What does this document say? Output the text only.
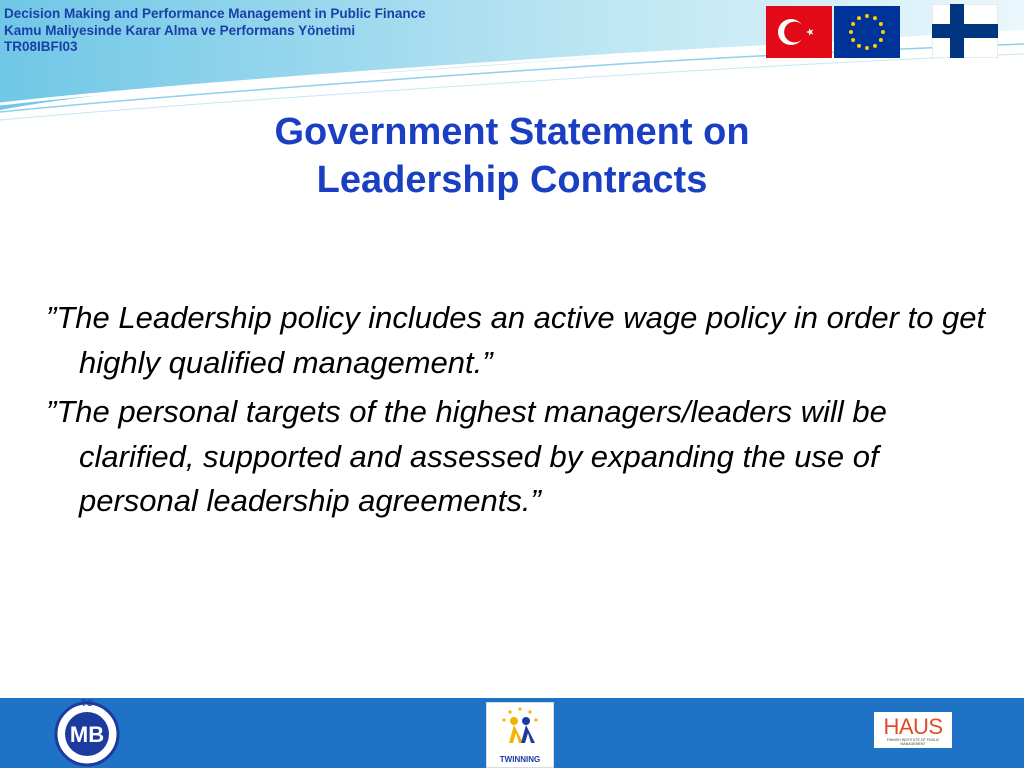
Decision Making and Performance Management in Public Finance
Kamu Maliyesinde Karar Alma ve Performans Yönetimi
TR08IBFI03
Government Statement on
Leadership Contracts

”The Leadership policy includes an active wage policy in order to get highly qualified management.”

”The personal targets of the highest managers/leaders will be clarified, supported and assessed by expanding the use of personal leadership agreements.”

TC
MB
TWINNING
HAUS
FINNISH INSTITUTE OF PUBLIC MANAGEMENT
